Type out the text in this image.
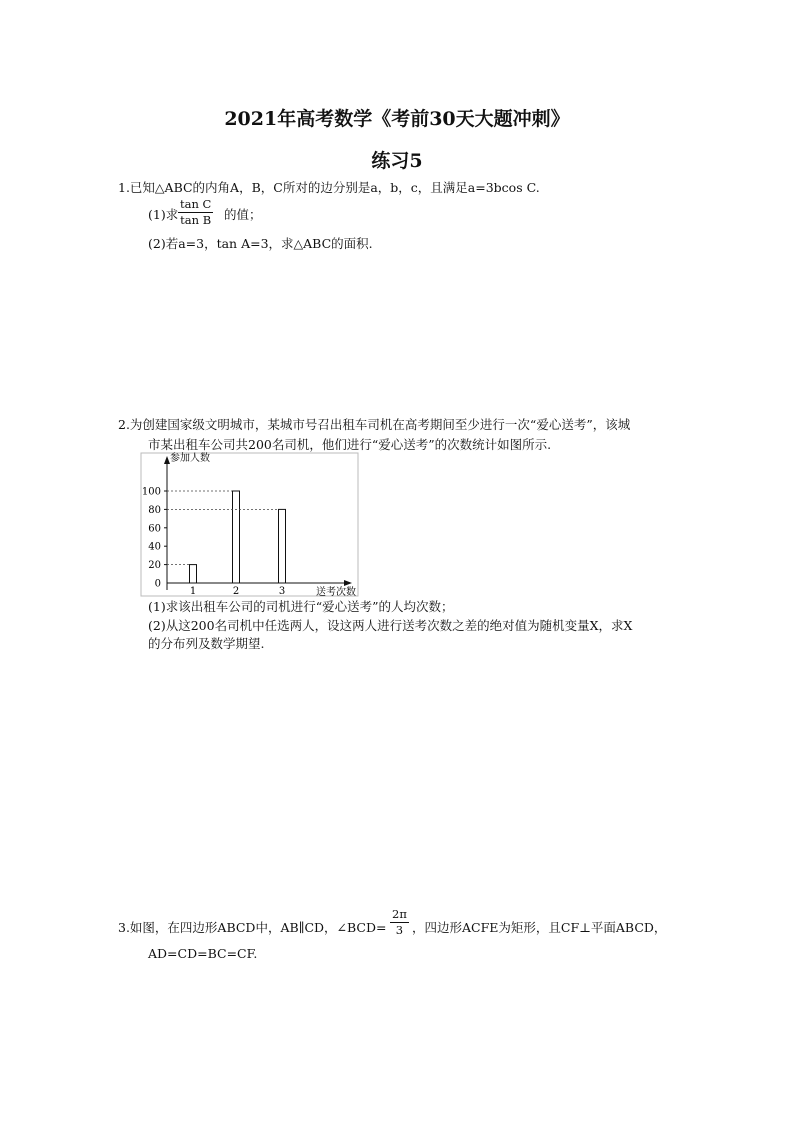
2021年高考数学《考前30天大题冲刺》
练习5
1.已知△ABC的内角A，B，C所对的边分别是a，b，c，且满足a=3bcos C.
(1)求
tan C
tan B 的值；
(2)若a=3，tan A=3，求△ABC的面积.
2.为创建国家级文明城市，某城市号召出租车司机在高考期间至少进行一次“爱心送考”，该城
市某出租车公司共200名司机，他们进行“爱心送考”的次数统计如图所示.
参加人数
送考次数
0
20
40
60
80
100
1	2	3
(1)求该出租车公司的司机进行“爱心送考”的人均次数；
(2)从这200名司机中任选两人，设这两人进行送考次数之差的绝对值为随机变量X，求X
的分布列及数学期望.
3.如图，在四边形ABCD中，AB∥CD，∠BCD=
2π
3 ，四边形ACFE为矩形，且CF⊥平面ABCD，
AD=CD=BC=CF.
